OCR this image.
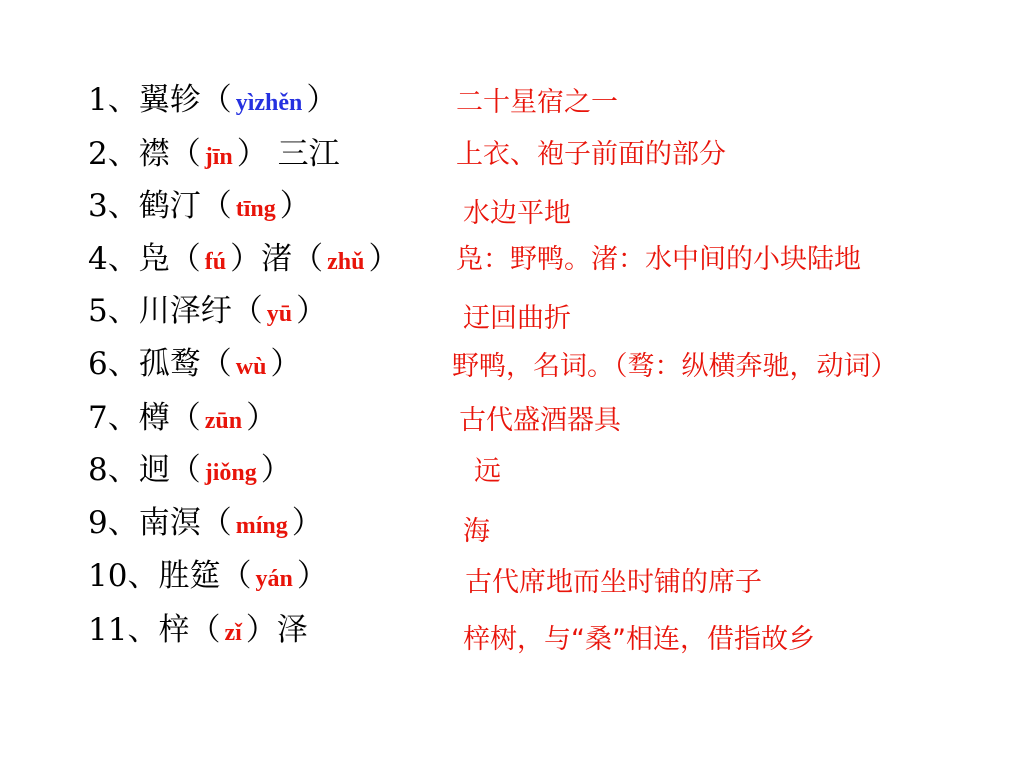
1、翼轸（ yìzhěn ）
2、襟（ jīn ） 三江
3、鹤汀（ tīng ）
4、凫（ fú ）渚（ zhǔ ）
5、川泽纡（ yū ）
6、孤鹜（ wù ）
7、樽（ zūn ）
8、迥（ jiǒng ）
9、南溟（ míng ）
10、胜筵（ yán ）
11、梓（ zǐ ）泽
二十星宿之一
上衣、袍子前面的部分
水边平地
凫：野鸭。渚：水中间的小块陆地
迂回曲折
野鸭，名词。（骛：纵横奔驰，动词）
古代盛酒器具
远
海
古代席地而坐时铺的席子
梓树，与“桑”相连，借指故乡
